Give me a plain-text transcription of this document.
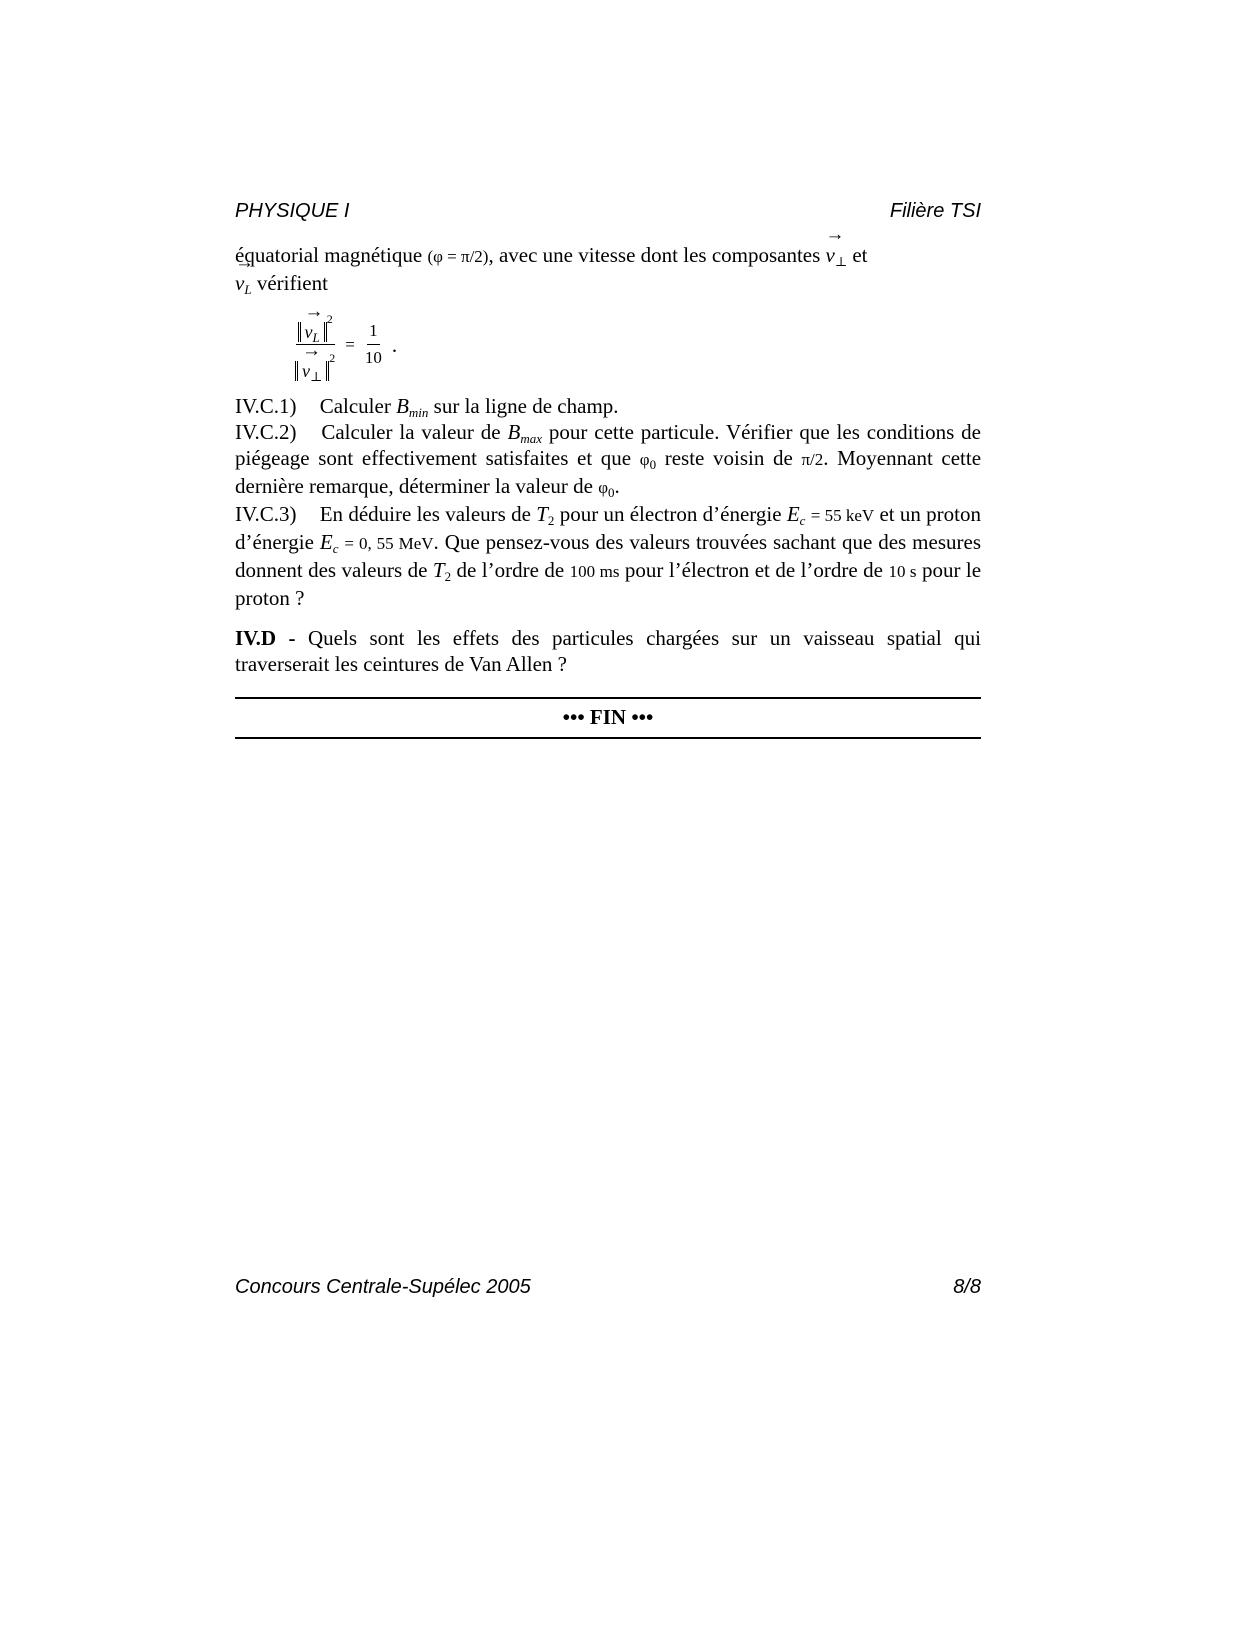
PHYSIQUE I	Filière TSI
équatorial magnétique (φ = π/2), avec une vitesse dont les composantes → $v_\perp$ et
→ $v_L$ vérifient
→ $v_L^2$
→ $v_\perp^2 = \frac{1}{10}$ .
IV.C.1) Calculer $B_{min}$ sur la ligne de champ.
IV.C.2) Calculer la valeur de $B_{max}$ pour cette particule. Vérifier que les conditions de piégeage sont effectivement satisfaites et que $\varphi_0$ reste voisin de π/2. Moyennant cette dernière remarque, déterminer la valeur de $\varphi_0$.
IV.C.3) En déduire les valeurs de $T_2$ pour un électron d’énergie $E_c = 55$ keV et un proton d’énergie $E_c = 0$, 55 MeV. Que pensez-vous des valeurs trouvées sachant que des mesures donnent des valeurs de $T_2$ de l’ordre de 100 ms pour l’électron et de l’ordre de 10 s pour le proton ?
IV.D - Quels sont les effets des particules chargées sur un vaisseau spatial qui traverserait les ceintures de Van Allen ?
••• FIN •••
Concours Centrale-Supélec 2005	8/8
